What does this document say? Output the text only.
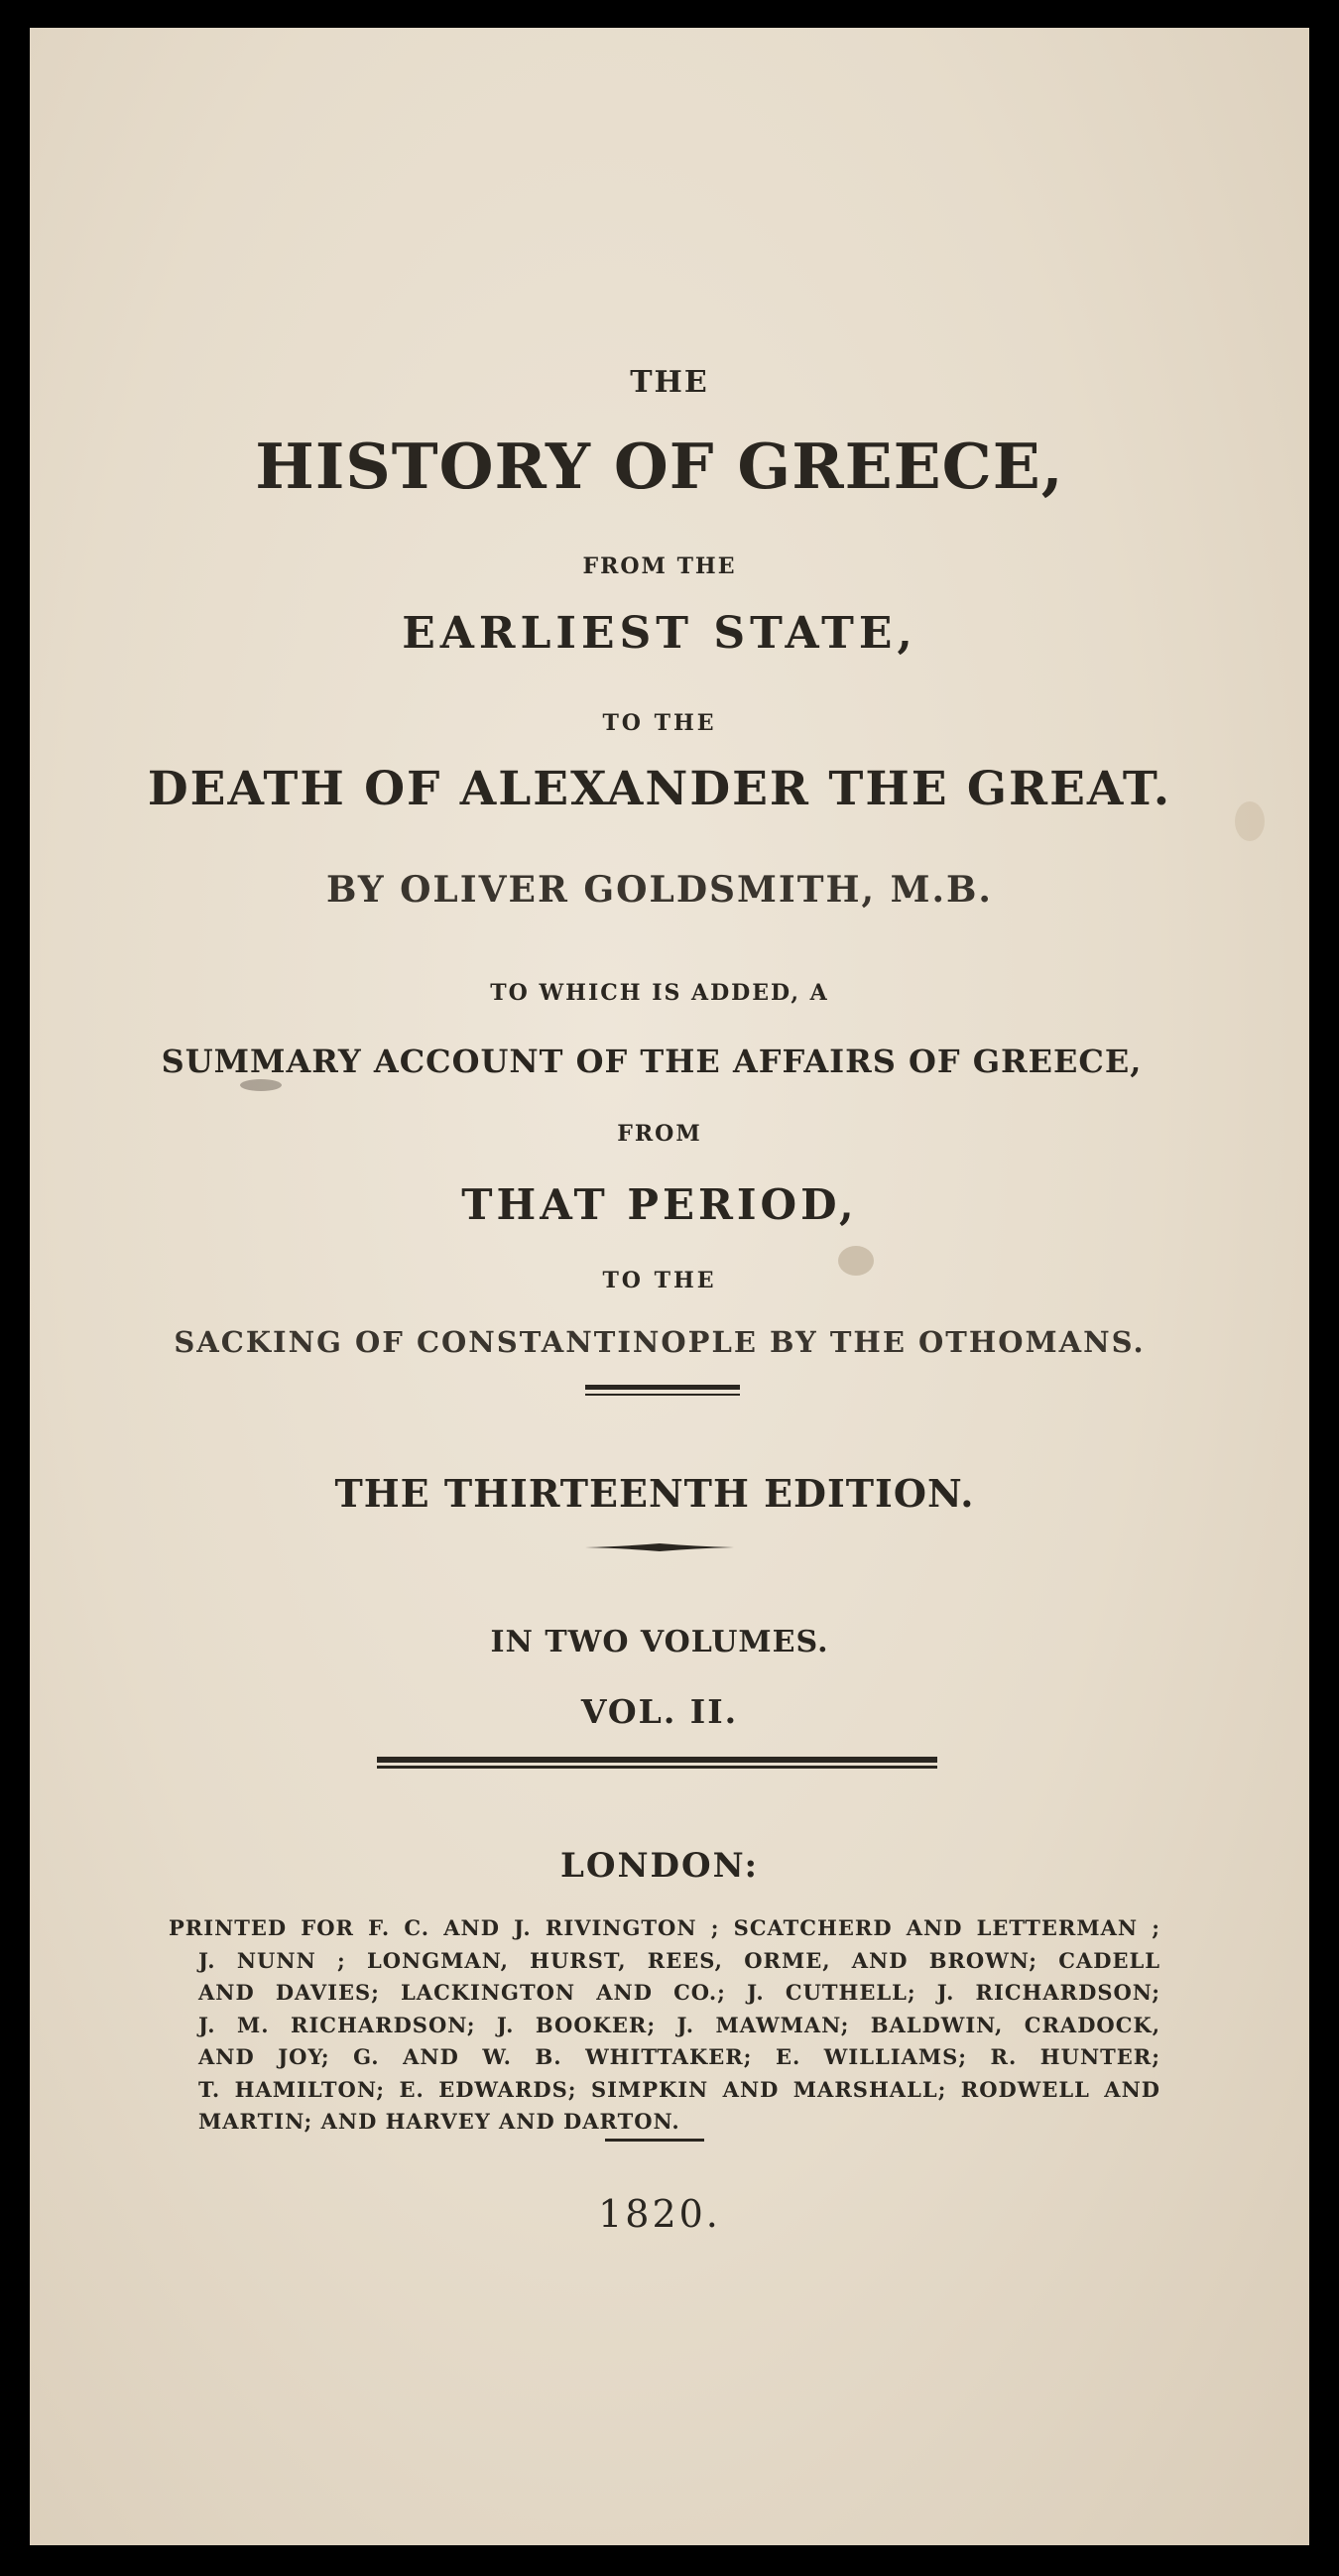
THE
HISTORY OF GREECE,
FROM THE
EARLIEST STATE,
TO THE
DEATH OF ALEXANDER THE GREAT.
BY OLIVER GOLDSMITH, M.B.
TO WHICH IS ADDED, A
SUMMARY ACCOUNT OF THE AFFAIRS OF GREECE,
FROM
THAT PERIOD,
TO THE
SACKING OF CONSTANTINOPLE BY THE OTHOMANS.
THE THIRTEENTH EDITION.
IN TWO VOLUMES.
VOL. II.
LONDON:
PRINTED FOR F. C. AND J. RIVINGTON ; SCATCHERD AND LETTERMAN ;
J. NUNN ; LONGMAN, HURST, REES, ORME, AND BROWN; CADELL
AND DAVIES; LACKINGTON AND CO.; J. CUTHELL; J. RICHARDSON;
J. M. RICHARDSON; J. BOOKER; J. MAWMAN; BALDWIN, CRADOCK,
AND JOY; G. AND W. B. WHITTAKER; E. WILLIAMS; R. HUNTER;
T. HAMILTON; E. EDWARDS; SIMPKIN AND MARSHALL; RODWELL AND
MARTIN; AND HARVEY AND DARTON.
1820.
